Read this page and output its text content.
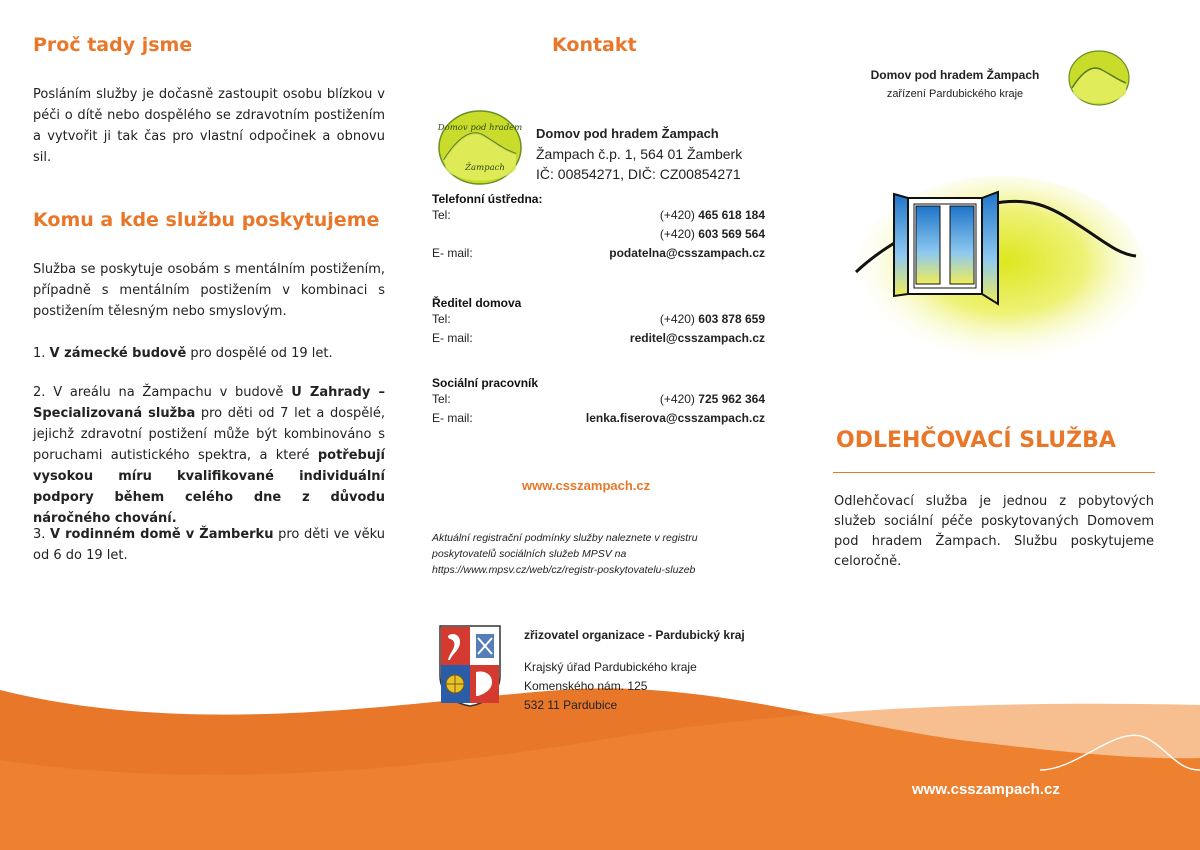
Proč tady jsme

Posláním služby je dočasně zastoupit osobu blízkou v péči o dítě nebo dospělého se zdravotním postižením a vytvořit ji tak čas pro vlastní odpočinek a obnovu sil.

Komu a kde službu poskytujeme

Služba se poskytuje osobám s mentálním postižením, případně s mentálním postižením v kombinaci s postižením tělesným nebo smyslovým.

1. V zámecké budově pro dospělé od 19 let.

2. V areálu na Žampachu v budově U Zahrady – Specializovaná služba pro děti od 7 let a dospělé, jejichž zdravotní postižení může být kombinováno s poruchami autistického spektra, a které potřebují vysokou míru kvalifikované individuální podpory během celého dne z důvodu náročného chování.

3. V rodinném domě v Žamberku pro děti ve věku od 6 do 19 let.

Kontakt
Domov pod hradem
Žampach
Domov pod hradem Žampach
Žampach č.p. 1, 564 01 Žamberk
IČ: 00854271, DIČ: CZ00854271
Telefonní ústředna:
Tel:	(+420) 465 618 184
(+420) 603 569 564
E- mail:	podatelna@csszampach.cz
Ředitel domova
Tel:	(+420) 603 878 659
E- mail:	reditel@csszampach.cz
Sociální pracovník
Tel:	(+420) 725 962 364
E- mail:	lenka.fiserova@csszampach.cz
www.csszampach.cz
Aktuální registrační podmínky služby naleznete v registru poskytovatelů sociálních služeb MPSV na https://www.mpsv.cz/web/cz/registr-poskytovatelu-sluzeb
zřizovatel organizace - Pardubický kraj
Krajský úřad Pardubického kraje
Komenského nám. 125
532 11 Pardubice
Domov pod hradem Žampach
zařízení Pardubického kraje
ODLEHČOVACÍ SLUŽBA
Odlehčovací služba je jednou z pobytových služeb sociální péče poskytovaných Domovem pod hradem Žampach. Službu poskytujeme celoročně.
www.csszampach.cz
